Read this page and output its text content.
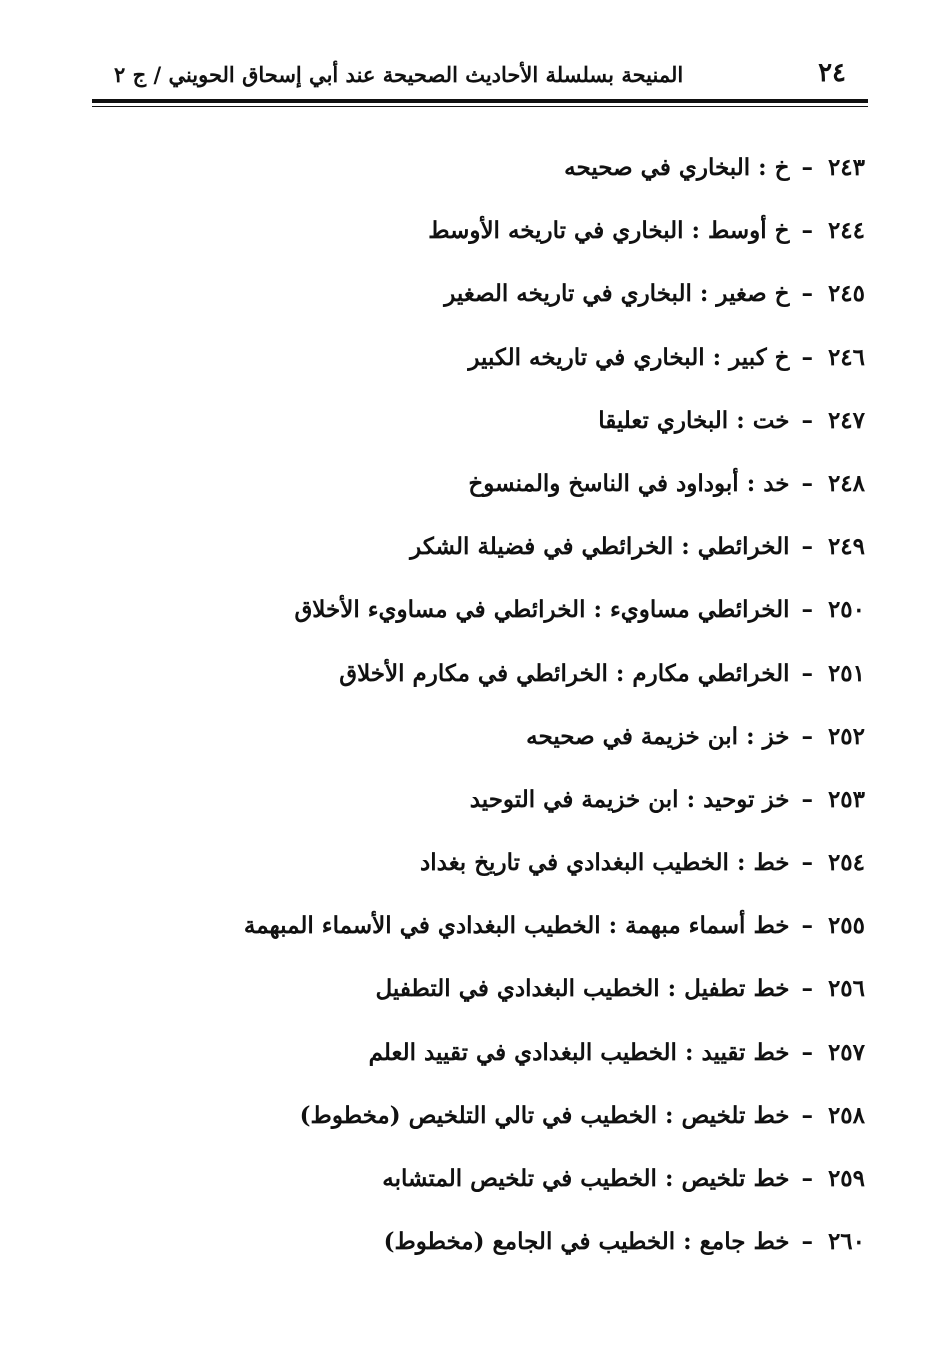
٢٤
المنيحة بسلسلة الأحاديث الصحيحة عند أبي إسحاق الحويني / ج ٢
٢٤٣–خ : البخاري في صحيحه
٢٤٤–خ أوسط : البخاري في تاريخه الأوسط
٢٤٥–خ صغير : البخاري في تاريخه الصغير
٢٤٦–خ كبير : البخاري في تاريخه الكبير
٢٤٧–خت : البخاري تعليقا
٢٤٨–خد : أبوداود في الناسخ والمنسوخ
٢٤٩–الخرائطي : الخرائطي في فضيلة الشكر
٢٥٠–الخرائطي مساويء : الخرائطي في مساويء الأخلاق
٢٥١–الخرائطي مكارم : الخرائطي في مكارم الأخلاق
٢٥٢–خز : ابن خزيمة في صحيحه
٢٥٣–خز توحيد : ابن خزيمة في التوحيد
٢٥٤–خط : الخطيب البغدادي في تاريخ بغداد
٢٥٥–خط أسماء مبهمة : الخطيب البغدادي في الأسماء المبهمة
٢٥٦–خط تطفيل : الخطيب البغدادي في التطفيل
٢٥٧–خط تقييد : الخطيب البغدادي في تقييد العلم
٢٥٨–خط تلخيص : الخطيب في تالي التلخيص (مخطوط)
٢٥٩–خط تلخيص : الخطيب في تلخيص المتشابه
٢٦٠–خط جامع : الخطيب في الجامع (مخطوط)
